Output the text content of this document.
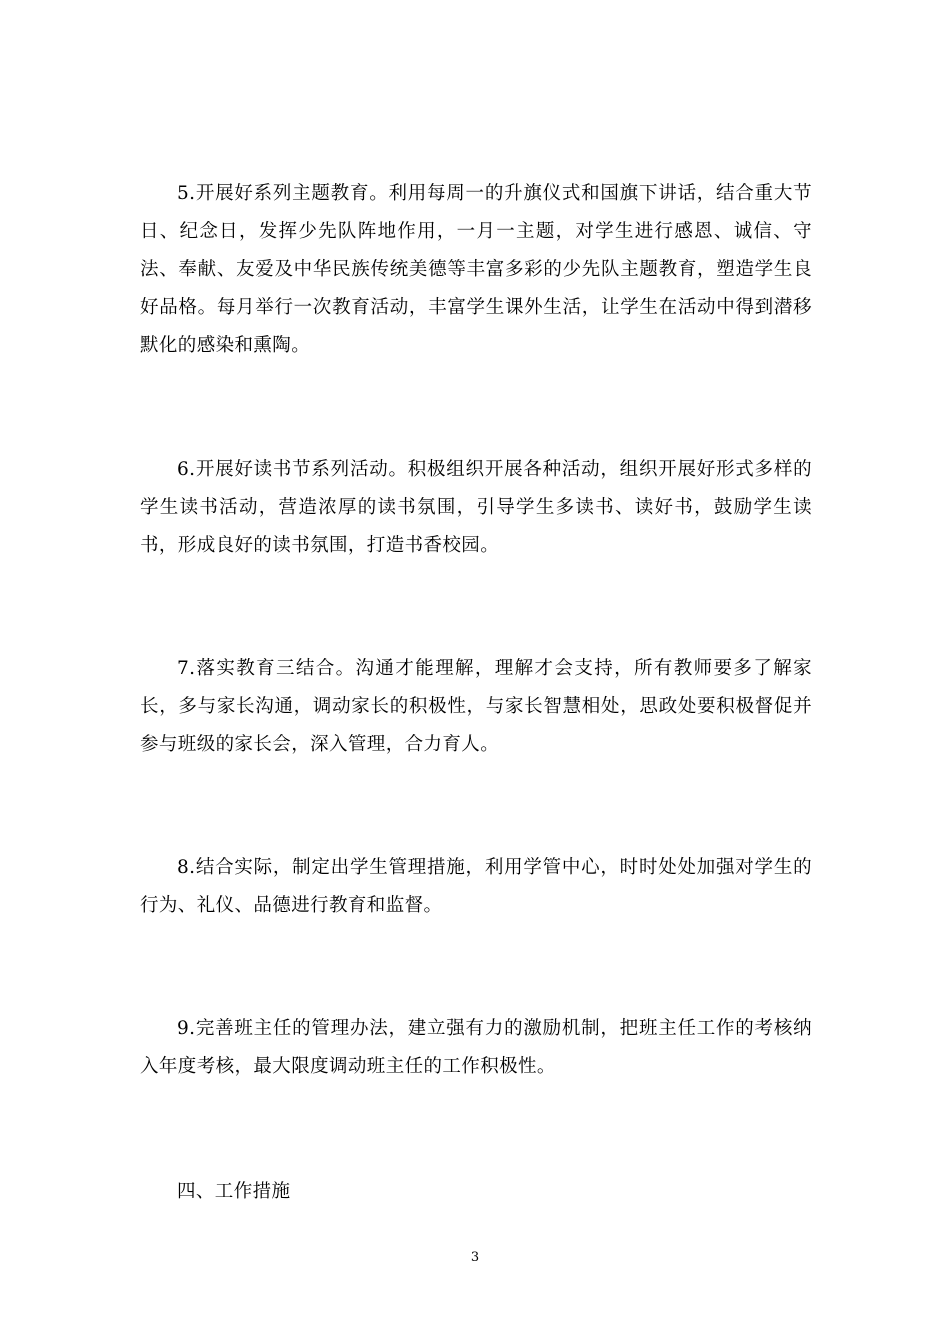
5.开展好系列主题教育。利用每周一的升旗仪式和国旗下讲话，结合重大节日、纪念日，发挥少先队阵地作用，一月一主题，对学生进行感恩、诚信、守法、奉献、友爱及中华民族传统美德等丰富多彩的少先队主题教育，塑造学生良好品格。每月举行一次教育活动，丰富学生课外生活，让学生在活动中得到潜移默化的感染和熏陶。

6.开展好读书节系列活动。积极组织开展各种活动，组织开展好形式多样的学生读书活动，营造浓厚的读书氛围，引导学生多读书、读好书，鼓励学生读书，形成良好的读书氛围，打造书香校园。

7.落实教育三结合。沟通才能理解，理解才会支持，所有教师要多了解家长，多与家长沟通，调动家长的积极性，与家长智慧相处，思政处要积极督促并参与班级的家长会，深入管理，合力育人。

8.结合实际，制定出学生管理措施，利用学管中心，时时处处加强对学生的行为、礼仪、品德进行教育和监督。

9.完善班主任的管理办法，建立强有力的激励机制，把班主任工作的考核纳入年度考核，最大限度调动班主任的工作积极性。

四、工作措施

3
